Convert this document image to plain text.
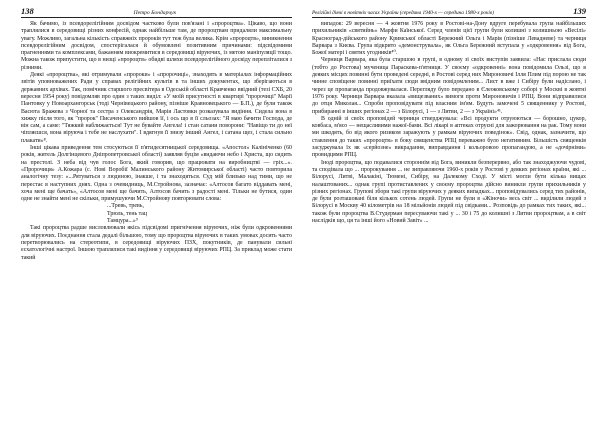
138	Петро Бондарчук

Як бачимо, із псевдорелігійним досвідом частково були пов'язані і «пророцтва». Цікаво, що вони траплялися в середовищі різних конфесій, однак найбільше там, де пророцтвам придаляли максимальну увагу. Можливо, загальна кількість справжніх пророків тут теж була велика. Крім «пророцтв», виникнення псевдорелігійним досвідом, спостерігалася й обумовлені позитивним причинами: підсвідомими прагненнями та комплексами, бажанням виокремитися в середовищі віруючих, із метою маніпуляції тощо. Можна також припустити, що в низці «пророцтв» обидві шляхи псевдорелігійного досвіду перепліталися з різними.

Деякі «пророцтва», які отримували «пророки» і «пророчиці», знаходять в матеріалах інформаційних звітів уповноважених Ради у справах релігійних культів в та інших документах, що зберігаються в державних архівах. Так, помічник старшого пресвітера в Одеській області Кравченко ввідний (тезі СХБ, 20 вересня 1954 року) повідомляв про один з таких виділ: «У моїй присутності в квартирі "пророчиці" Марії Пантовку у Новоархангорськ (тоді Чернівецького району, пізніше Кравновецького — Б.П.), де були також Васюта Бражева з Чорної та сестра з Олександрія, Марія Ластовки розказувала видіння. Сидела вона в хижку після того, як "пророк" Писаченського вийшов її, і ось що в її сльозах: "Я маю бачити Господа, де він сам, а саме: "Тяжкий наближається! Тут не бувайте Ангела! і стан сатани поворони: "Навіщо ти до неї чіпляєшся, вона віруюча і тебе не наслухати". І вдягнув її знизу інший Ангел, і сатана щез, і стала сильно плакати»⁸.

Інші цікава приведення тем стосуються її п'ятидесятницької середовища. «Апостол» Калініченко (60 років, житель Долгінцевого Дніпропетровської області) заявляв буцім «видаючи небо і Христа, що сидить на престолі. З неба від чув голос Бога, який говорив, що працювати на виробництві — гріх...». «Пророчиця» А.Кожара (с. Нові Воробії Малинського району Житомирської області) часто повторила аналогічну тезу: «...Рятуваться з людиною, інакше, і та знаходяться. Суд мій близько над тими, що не перестає в наступних днях. Одна з очевидниць, М.Стройнова, зазначає: «Алтосов багато віддавать мені, хоча мені ще бачать», «Алтосов мені ще бачить, Алтосов бачить з радості мені. Тільки не бутися, один одне не знайти мені не скільки, примушуючи М.Стройнову повторювати слова:

...Тревь, тревь,
Трюль, тень тац
Тамцура...»⁹

Такі пророцтва радше висловлювали якісь підсвідомі пригнічення віруючих, ніж були одкровеннями для віруючих. Поєднання стала дедалі більшою, тому що пророцтва віруючих в таких умовах досить часто перетворювались на стереотипи, в середовищі віруючих ПЗХ, покутників, де панували сильні есхатологічні настрої. Іншою траплялися такі видіння у середовищі віруючих РПЦ. За приклад може стати такий

Релігійні діячі в новітніх часах України (середина 1940-х — середина 1980-х років)	139

випадок: 29 вересня — 4 жовтня 1976 року в Ростові-на-Дону вдруге перебувала група найбільших прихильників «святийнь» Марфи Каїнської. Серед членів цієї групи були колишні з колишньою «Весілі» Красноград-дійського району Кримської області Бережний Ольга і Марія (пізніше Левадневе) та черниця Варвара з Києва. Група відкрито «демонструвала», як Ольга Бережний вступала у «одкровення» від Бога, Божої матері і святих угодників⁴⁰.

Черниця Варвара, яка була старшою в групі, в одному зі своїх виступів заявила: «Нас прислала сюди (тобто до Ростова) мученица Параскева-п'ятниця. У своєму «одкровенні» вона повідомила Ользі, що в деяких місцях повинні бути проведені середні, в Ростові серед них Мироновичі Ілля Плим під порою не так чинне сповіщене повинні приїхати сюди ввідним повідомленим... Лист в вже і Сибіру були надіслано, і через це пропаганда продовжувалася. Перегляду було передано в Єлеоковському соборі у Москві в жовтні 1976 року. Черниця Варвара вказала «вищезваних» вимоги проти Мироновичів і РПЦ. Вони відправилися до отця Миколая... Спроби проповідувати під власним ім'ям. Будуть замочені 5 священнику у Ростові, прибиранні в інших регіонах 2 — з Білорусі, 1 — з Литви, 2 — з Україні»⁴¹.

В одній зі своїх проповідей черниця стверджувала: «Всі продукти отруюються — борошно, цукор, ковбаса, м'ясо — нещасливими нажої-бами. Всі лікарі в аптеках отруєні для зажорювання на рак. Тому вони ми шкодять, бо від якого ризиком заражують у рамкам віруючих поведінок». Свід, однак, зазначити, що ставлення до таких «пророцтв» в боку священства РПЦ переважно було негативним. Більшість священків засуджувала їх як «серйозне» викрадання, виправдання і кольоровою пропагандою, а не «дочірніми» провидцями РПЦ.

Іноді пророцтва, що подавалися стороннім від Бога, виникли безперервно, або так знаходжуючи чудові, та сподівала що ... пророкування ... не зиправляючи 1960-х років у Ростові у деяких регіонах країни, які ... Білорусі, Литві, Малакіні, Тюмені, Сибіру, на Далекому Сході. У місті могли бути кілька вищах налаштованих... однак групі протиставлених у своєму пророцтва дійсно виникли групи прихильників у різних регіонах. Групові збори такі групи віруючих у деяких випадках... проповідувались серед тих районів, де були розташовані біля кількох сотень людей. Групи не були в «Жіночи» весь світ ... виділили людей з Білорусі в Москву 40 кілометрів на 18 мільйонів людей під свідками... Розповідь до рамках тих таких, які... також були пророцтва В.Студерман пересуваючи такі у ... 30 і 75 до колишні з Литви пророцтвам, а в світ наслідків що, ця та інші його «Новий Завіт» ...
